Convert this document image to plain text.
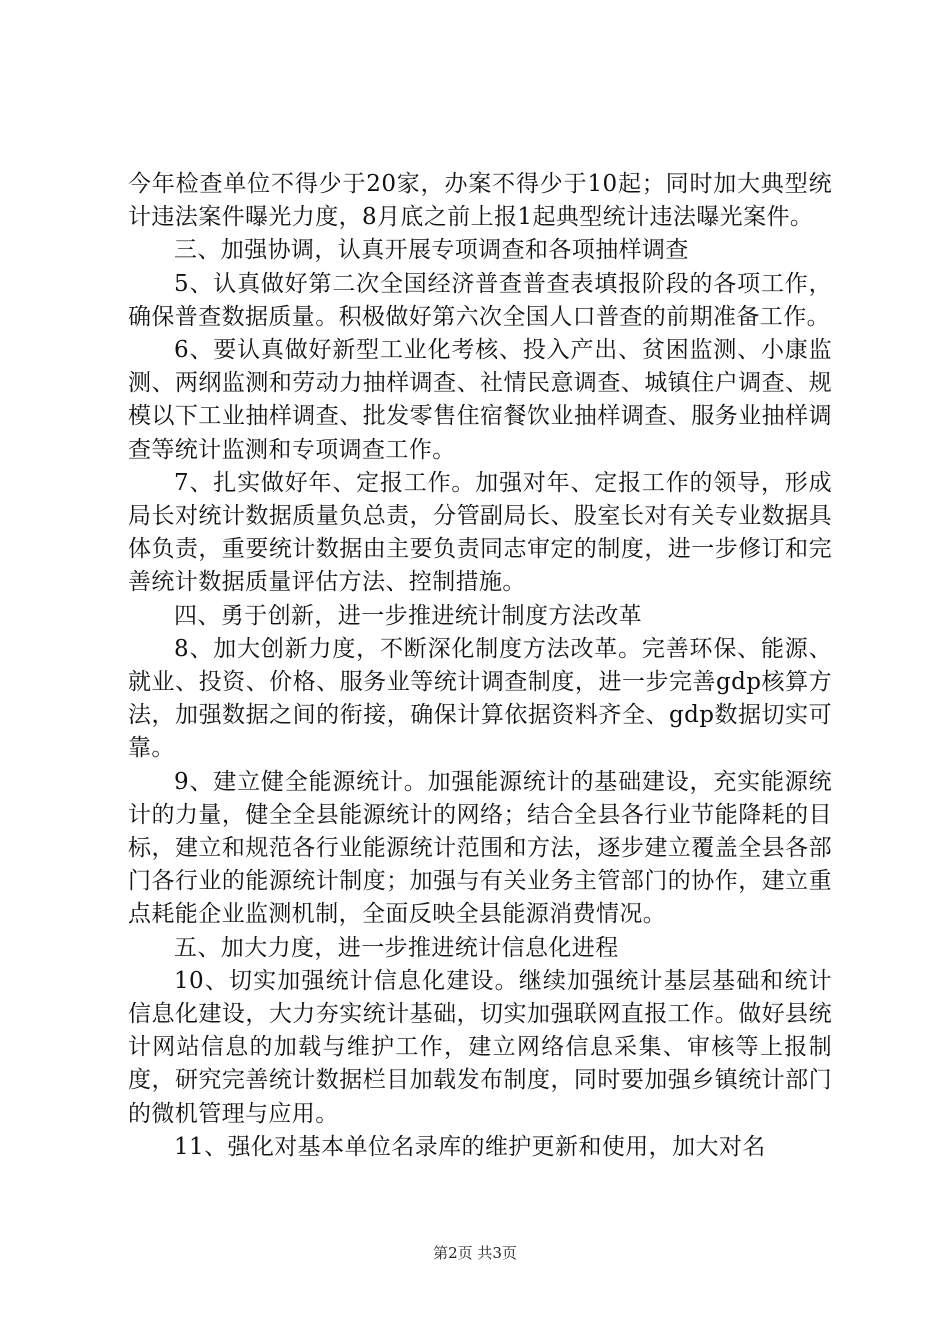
今年检查单位不得少于20家，办案不得少于10起；同时加大典型统计违法案件曝光力度，8月底之前上报1起典型统计违法曝光案件。

三、加强协调，认真开展专项调查和各项抽样调查

5、认真做好第二次全国经济普查普查表填报阶段的各项工作，确保普查数据质量。积极做好第六次全国人口普查的前期准备工作。

6、要认真做好新型工业化考核、投入产出、贫困监测、小康监测、两纲监测和劳动力抽样调查、社情民意调查、城镇住户调查、规模以下工业抽样调查、批发零售住宿餐饮业抽样调查、服务业抽样调查等统计监测和专项调查工作。

7、扎实做好年、定报工作。加强对年、定报工作的领导，形成局长对统计数据质量负总责，分管副局长、股室长对有关专业数据具体负责，重要统计数据由主要负责同志审定的制度，进一步修订和完善统计数据质量评估方法、控制措施。

四、勇于创新，进一步推进统计制度方法改革

8、加大创新力度，不断深化制度方法改革。完善环保、能源、就业、投资、价格、服务业等统计调查制度，进一步完善gdp核算方法，加强数据之间的衔接，确保计算依据资料齐全、gdp数据切实可靠。

9、建立健全能源统计。加强能源统计的基础建设，充实能源统计的力量，健全全县能源统计的网络；结合全县各行业节能降耗的目标，建立和规范各行业能源统计范围和方法，逐步建立覆盖全县各部门各行业的能源统计制度；加强与有关业务主管部门的协作，建立重点耗能企业监测机制，全面反映全县能源消费情况。

五、加大力度，进一步推进统计信息化进程

10、切实加强统计信息化建设。继续加强统计基层基础和统计信息化建设，大力夯实统计基础，切实加强联网直报工作。做好县统计网站信息的加载与维护工作，建立网络信息采集、审核等上报制度，研究完善统计数据栏目加载发布制度，同时要加强乡镇统计部门的微机管理与应用。

11、强化对基本单位名录库的维护更新和使用，加大对名

第2页 共3页
